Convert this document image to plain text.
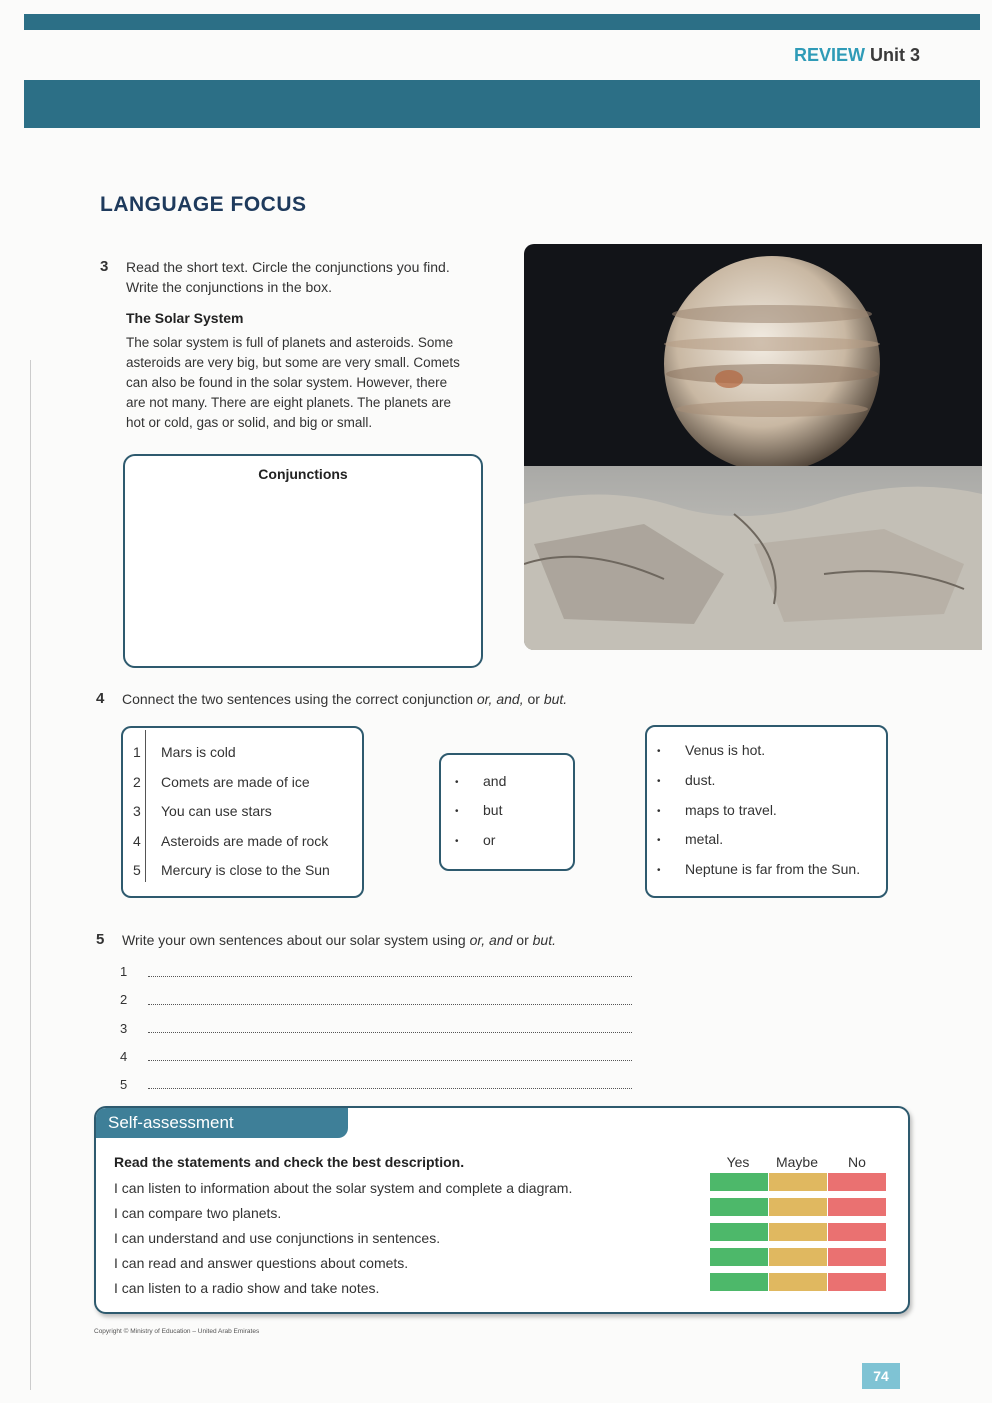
REVIEW Unit 3
LANGUAGE FOCUS
3 Read the short text. Circle the conjunctions you find.
Write the conjunctions in the box.
The Solar System
The solar system is full of planets and asteroids. Some
asteroids are very big, but some are very small. Comets
can also be found in the solar system. However, there
are not many. There are eight planets. The planets are
hot or cold, gas or solid, and big or small.
Conjunctions
4 Connect the two sentences using the correct conjunction or, and, or but.
1 Mars is cold
2 Comets are made of ice
3 You can use stars
4 Asteroids are made of rock
5 Mercury is close to the Sun
• and
• but
• or
• Venus is hot.
• dust.
• maps to travel.
• metal.
• Neptune is far from the Sun.
5 Write your own sentences about our solar system using or, and or but.
1
2
3
4
5
Self-assessment
Read the statements and check the best description.
I can listen to information about the solar system and complete a diagram.
I can compare two planets.
I can understand and use conjunctions in sentences.
I can read and answer questions about comets.
I can listen to a radio show and take notes.
Yes	Maybe	No
Copyright © Ministry of Education – United Arab Emirates
74
